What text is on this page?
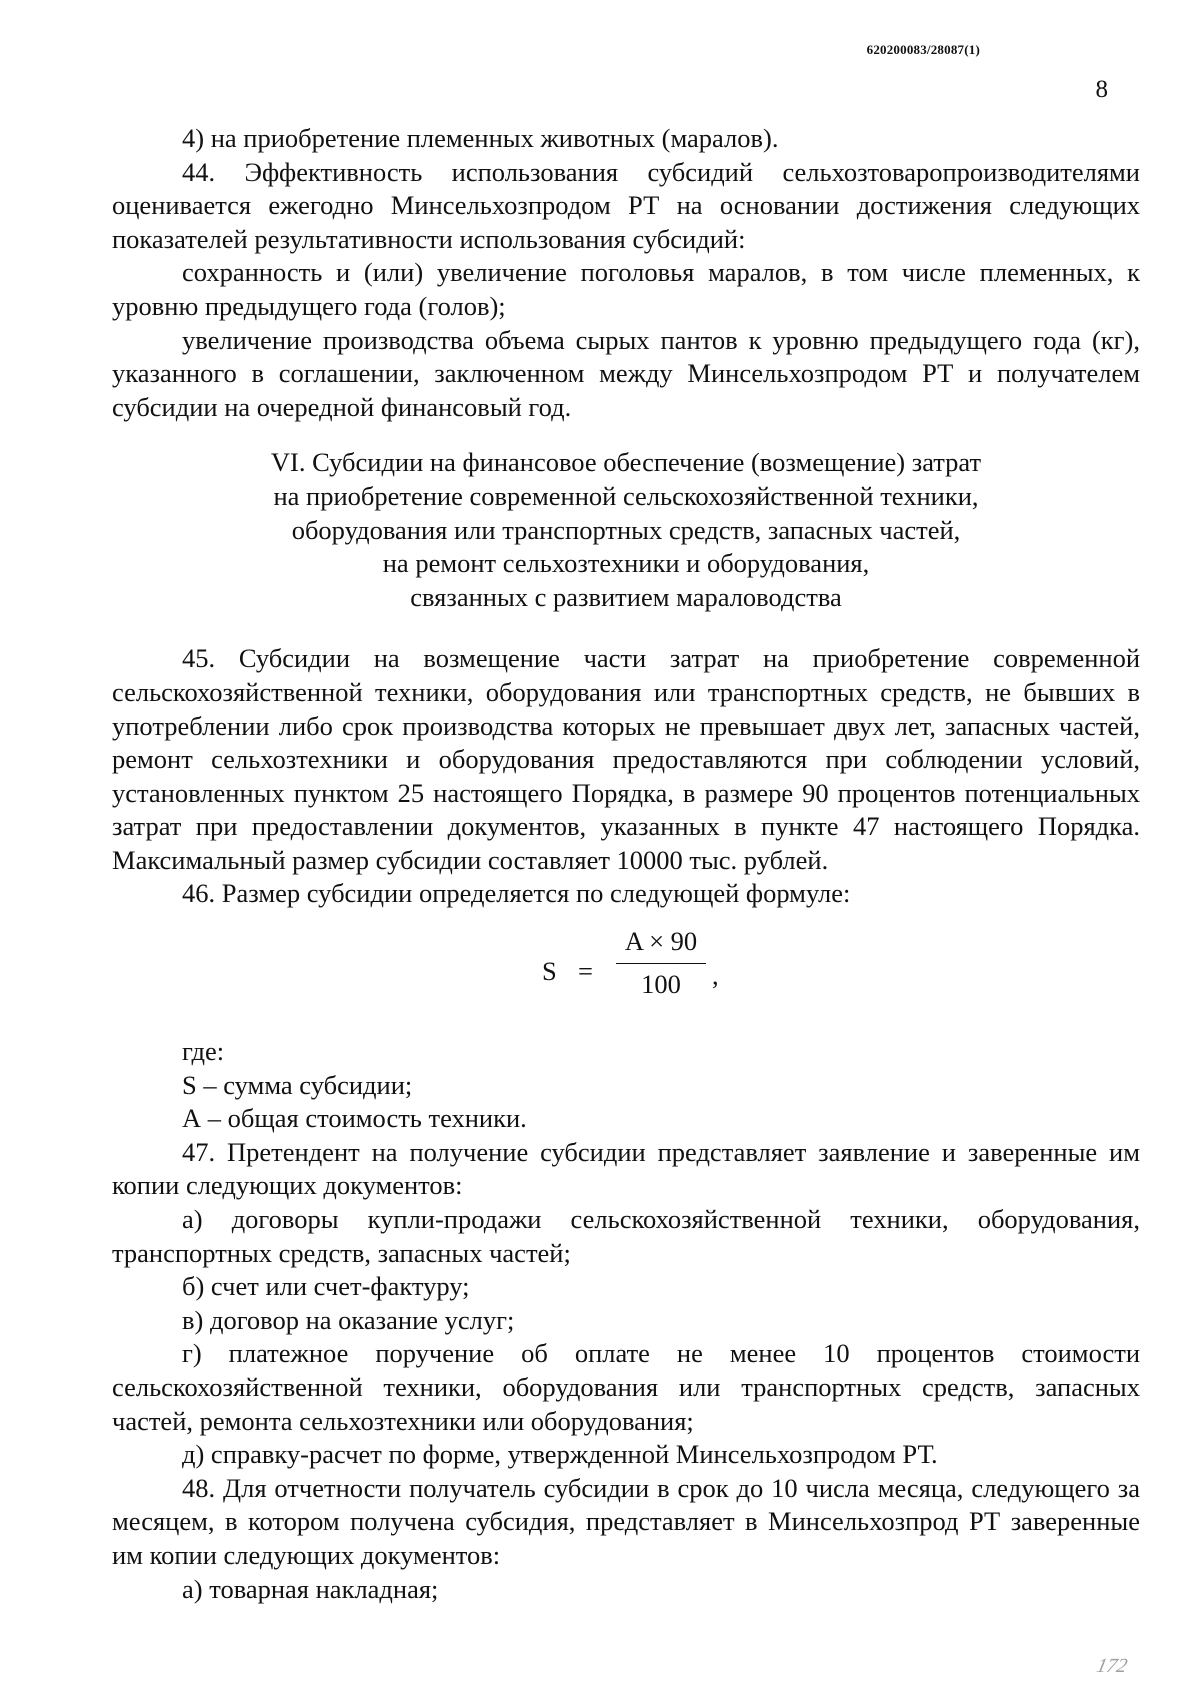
620200083/28087(1)
8

4) на приобретение племенных животных (маралов).

44. Эффективность использования субсидий сельхозтоваропроизводителями оценивается ежегодно Минсельхозпродом РТ на основании достижения следующих показателей результативности использования субсидий:

сохранность и (или) увеличение поголовья маралов, в том числе племенных, к уровню предыдущего года (голов);

увеличение производства объема сырых пантов к уровню предыдущего года (кг), указанного в соглашении, заключенном между Минсельхозпродом РТ и получателем субсидии на очередной финансовый год.

VI. Субсидии на финансовое обеспечение (возмещение) затрат
на приобретение современной сельскохозяйственной техники,
оборудования или транспортных средств, запасных частей,
на ремонт сельхозтехники и оборудования,
связанных с развитием мараловодства

45. Субсидии на возмещение части затрат на приобретение современной сельскохозяйственной техники, оборудования или транспортных средств, не бывших в употреблении либо срок производства которых не превышает двух лет, запасных частей, ремонт сельхозтехники и оборудования предоставляются при соблюдении условий, установленных пунктом 25 настоящего Порядка, в размере 90 процентов потенциальных затрат при предоставлении документов, указанных в пункте 47 настоящего Порядка. Максимальный размер субсидии составляет 10000 тыс. рублей.

46. Размер субсидии определяется по следующей формуле:

S =
A × 90
100	,

где:

S – сумма субсидии;

А – общая стоимость техники.

47. Претендент на получение субсидии представляет заявление и заверенные им копии следующих документов:

а) договоры купли-продажи сельскохозяйственной техники, оборудования, транспортных средств, запасных частей;

б) счет или счет-фактуру;

в) договор на оказание услуг;

г) платежное поручение об оплате не менее 10 процентов стоимости сельскохозяйственной техники, оборудования или транспортных средств, запасных частей, ремонта сельхозтехники или оборудования;

д) справку-расчет по форме, утвержденной Минсельхозпродом РТ.

48. Для отчетности получатель субсидии в срок до 10 числа месяца, следующего за месяцем, в котором получена субсидия, представляет в Минсельхозпрод РТ заверенные им копии следующих документов:

а) товарная накладная;

172
